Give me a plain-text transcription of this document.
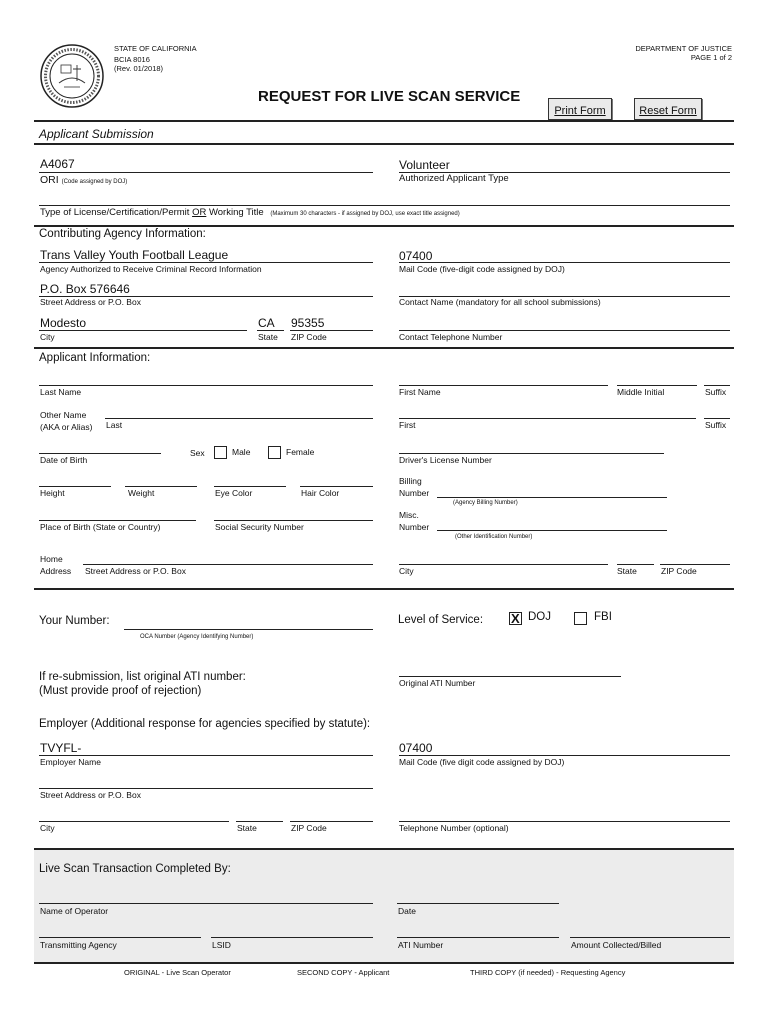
STATE OF CALIFORNIA
BCIA 8016
(Rev. 01/2018)
DEPARTMENT OF JUSTICE
PAGE 1 of 2
REQUEST FOR LIVE SCAN SERVICE
Print Form	Reset Form
Applicant Submission
A4067
ORI (Code assigned by DOJ)
Volunteer
Authorized Applicant Type
Type of License/Certification/Permit OR Working Title (Maximum 30 characters - if assigned by DOJ, use exact title assigned)
Contributing Agency Information:
Trans Valley Youth Football League
Agency Authorized to Receive Criminal Record Information
07400
Mail Code (five-digit code assigned by DOJ)
P.O. Box 576646
Street Address or P.O. Box	Contact Name (mandatory for all school submissions)
Modesto	CA 95355
City	State ZIP Code	Contact Telephone Number
Applicant Information:
Last Name	First Name	Middle Initial	Suffix
Other Name
(AKA or Alias) Last	First	Suffix
Date of Birth
Sex	Male	Female
Driver's License Number
Height	Weight	Eye Color	Hair Color
Billing
Number
(Agency Billing Number)
Place of Birth (State or Country)	Social Security Number
Misc.
Number
(Other Identification Number)
Home
Address Street Address or P.O. Box	City	State	ZIP Code
Your Number:
OCA Number (Agency Identifying Number)
Level of Service:
X	DOJ	FBI
If re-submission, list original ATI number:
(Must provide proof of rejection)
Original ATI Number
Employer (Additional response for agencies specified by statute):
TVYFL-
Employer Name
07400
Mail Code (five digit code assigned by DOJ)
Street Address or P.O. Box
City	State	ZIP Code	Telephone Number (optional)
Live Scan Transaction Completed By:
Name of Operator	Date
Transmitting Agency	LSID	ATI Number	Amount Collected/Billed
ORIGINAL - Live Scan Operator	SECOND COPY - Applicant	THIRD COPY (if needed) - Requesting Agency
